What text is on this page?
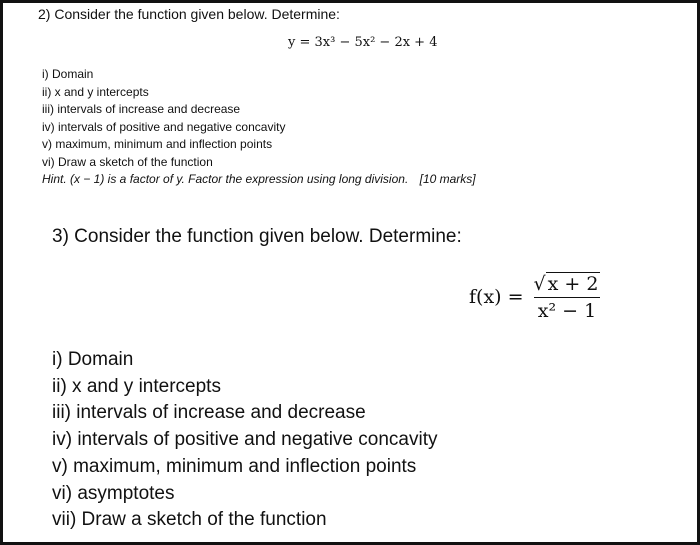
2) Consider the function given below. Determine:
y = 3x³ − 5x² − 2x + 4
i) Domain
ii) x and y intercepts
iii) intervals of increase and decrease
iv) intervals of positive and negative concavity
v) maximum, minimum and inflection points
vi) Draw a sketch of the function
Hint. (x − 1) is a factor of y. Factor the expression using long division. [10 marks]
3) Consider the function given below. Determine:
$f(x) = \frac{√ x + 2}{\text{x² − 1}}$
i) Domain
ii) x and y intercepts
iii) intervals of increase and decrease
iv) intervals of positive and negative concavity
v) maximum, minimum and inflection points
vi) asymptotes
vii) Draw a sketch of the function
